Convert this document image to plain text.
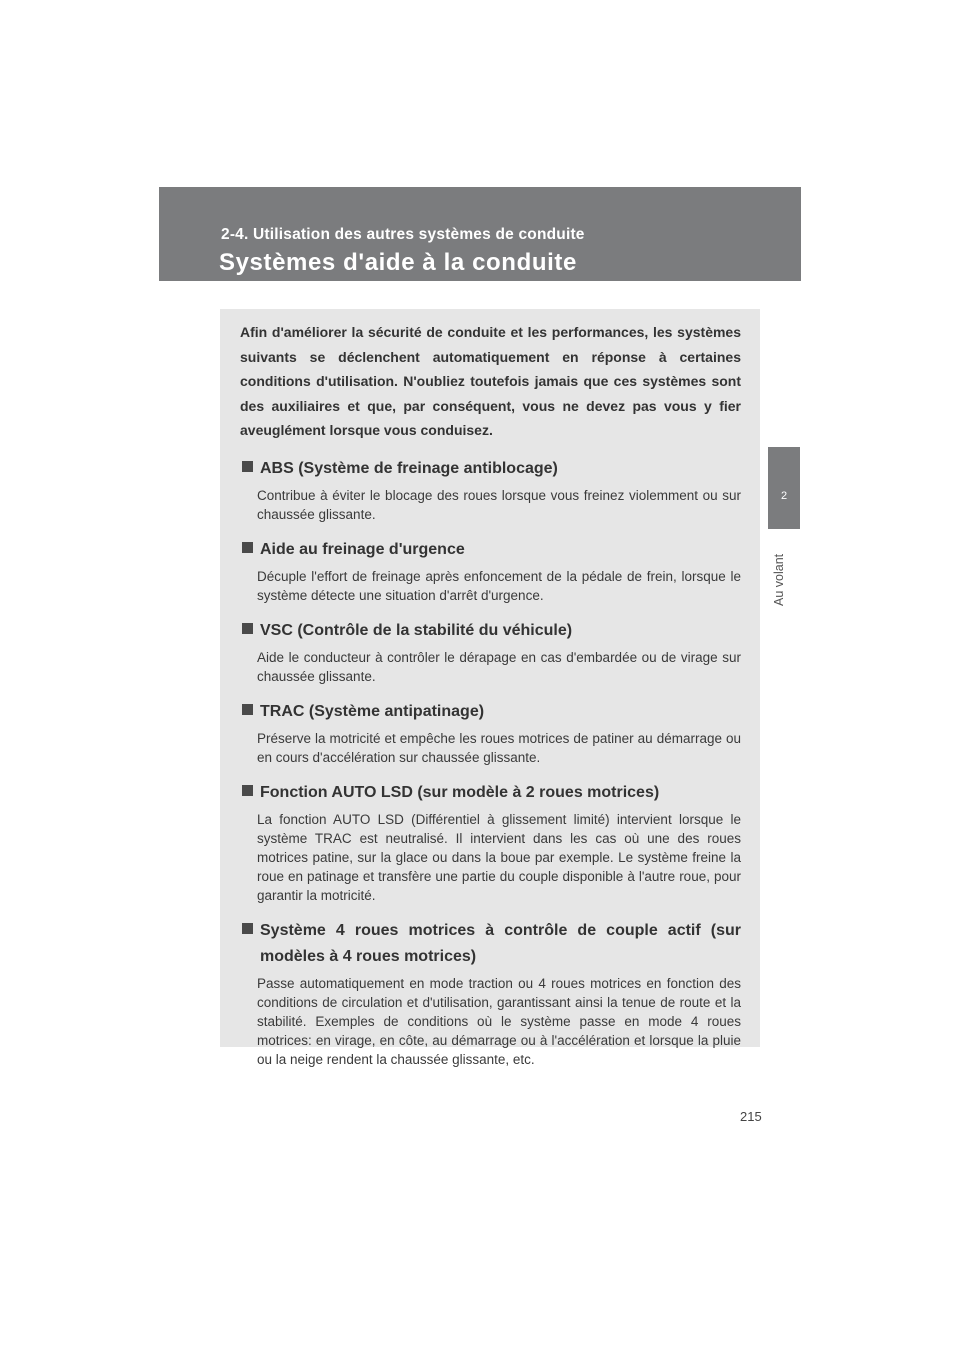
2-4. Utilisation des autres systèmes de conduite
Systèmes d'aide à la conduite
2
Au volant

Afin d'améliorer la sécurité de conduite et les performances, les systèmes suivants se déclenchent automatiquement en réponse à certaines conditions d'utilisation. N'oubliez toutefois jamais que ces systèmes sont des auxiliaires et que, par conséquent, vous ne devez pas vous y fier aveuglément lorsque vous conduisez.

ABS (Système de freinage antiblocage)
Contribue à éviter le blocage des roues lorsque vous freinez violemment ou sur chaussée glissante.
Aide au freinage d'urgence
Décuple l'effort de freinage après enfoncement de la pédale de frein, lorsque le système détecte une situation d'arrêt d'urgence.
VSC (Contrôle de la stabilité du véhicule)
Aide le conducteur à contrôler le dérapage en cas d'embardée ou de virage sur chaussée glissante.
TRAC (Système antipatinage)
Préserve la motricité et empêche les roues motrices de patiner au démarrage ou en cours d'accélération sur chaussée glissante.
Fonction AUTO LSD (sur modèle à 2 roues motrices)
La fonction AUTO LSD (Différentiel à glissement limité) intervient lorsque le système TRAC est neutralisé. Il intervient dans les cas où une des roues motrices patine, sur la glace ou dans la boue par exemple. Le système freine la roue en patinage et transfère une partie du couple disponible à l'autre roue, pour garantir la motricité.
Système 4 roues motrices à contrôle de couple actif (sur modèles à 4 roues motrices)
Passe automatiquement en mode traction ou 4 roues motrices en fonction des conditions de circulation et d'utilisation, garantissant ainsi la tenue de route et la stabilité. Exemples de conditions où le système passe en mode 4 roues motrices: en virage, en côte, au démarrage ou à l'accélération et lorsque la pluie ou la neige rendent la chaussée glissante, etc.
215
